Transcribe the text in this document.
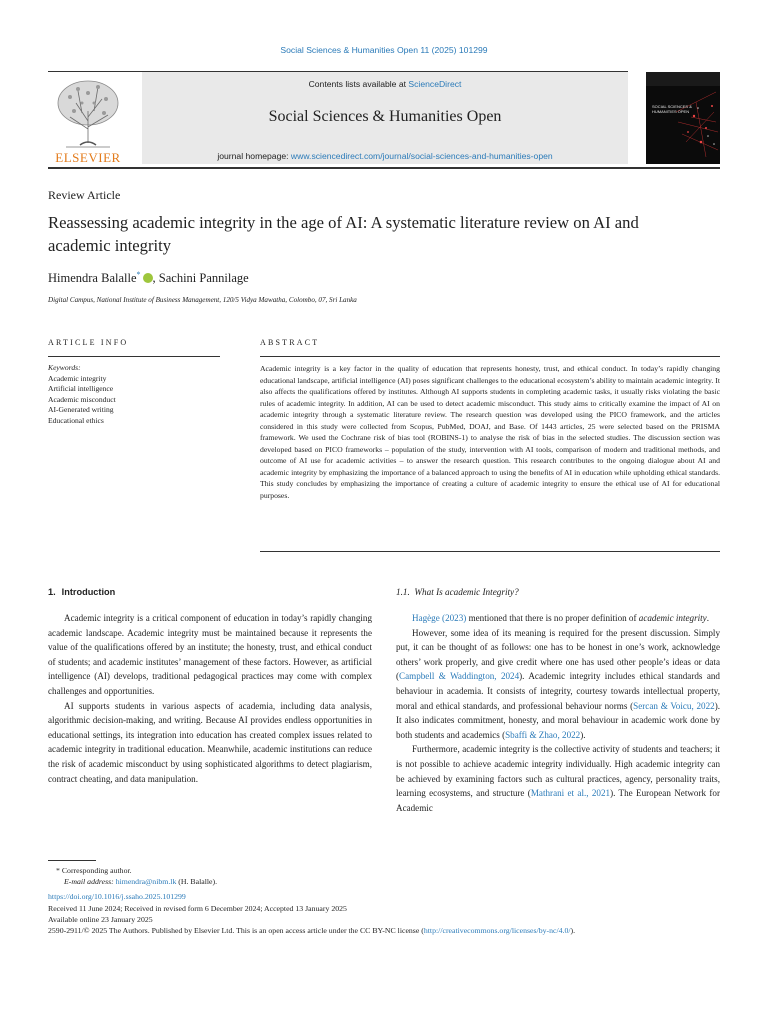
Social Sciences & Humanities Open 11 (2025) 101299
Contents lists available at ScienceDirect
Social Sciences & Humanities Open
journal homepage: www.sciencedirect.com/journal/social-sciences-and-humanities-open
ELSEVIER
SOCIAL SCIENCES & HUMANITIES OPEN
Review Article
Reassessing academic integrity in the age of AI: A systematic literature review on AI and academic integrity
Himendra Balalle* , Sachini Pannilage
Digital Campus, National Institute of Business Management, 120/5 Vidya Mawatha, Colombo, 07, Sri Lanka
ARTICLE INFO	ABSTRACT
Keywords:
Academic integrity
Artificial intelligence
Academic misconduct
AI-Generated writing
Educational ethics
Academic integrity is a key factor in the quality of education that represents honesty, trust, and ethical conduct. In today’s rapidly changing educational landscape, artificial intelligence (AI) poses significant challenges to the educational ecosystem’s ability to maintain academic integrity. It also affects the qualifications offered by institutes. Although AI supports students in completing academic tasks, it usually risks violating the basic rules of academic integrity. In addition, AI can be used to detect academic misconduct. This study aims to critically examine the impact of AI on academic integrity through a systematic literature review. The research question was developed using the PICO framework, and the articles considered in this study were collected from Scopus, PubMed, DOAJ, and Base. Of 1443 articles, 25 were selected based on the PRISMA framework. We used the Cochrane risk of bias tool (ROBINS-1) to analyse the risk of bias in the selected studies. The discussion section was developed based on PICO frameworks – population of the study, intervention with AI tools, comparison of modern and traditional methods, and outcome of AI use for academic activities – to answer the research question. This research contributes to the ongoing dialogue about AI and academic integrity by emphasizing the importance of a balanced approach to using the benefits of AI in education while upholding ethical standards. This study concludes by emphasizing the importance of creating a culture of academic integrity to ensure the ethical use of AI for educational purposes.
1. Introduction

Academic integrity is a critical component of education in today’s rapidly changing academic landscape. Academic integrity must be maintained because it represents the value of the qualifications offered by an institute; the honesty, trust, and ethical conduct of students; and academic institutes’ management of these factors. However, as artificial intelligence (AI) develops, traditional pedagogical practices may come with complex challenges and opportunities.

AI supports students in various aspects of academia, including data analysis, algorithmic decision-making, and writing. Because AI provides endless opportunities in educational settings, its integration into education has created complex issues related to academic integrity in traditional education. Meanwhile, academic institutions can reduce the risk of academic misconduct by using sophisticated algorithms to detect plagiarism, contract cheating, and data manipulation.

1.1. What Is academic Integrity?

Hagège (2023) mentioned that there is no proper definition of academic integrity.

However, some idea of its meaning is required for the present discussion. Simply put, it can be thought of as follows: one has to be honest in one’s work, acknowledge others’ work properly, and give credit where one has used other people’s ideas or data (Campbell & Waddington, 2024). Academic integrity includes ethical standards and behaviour in academia. It consists of integrity, courtesy towards intellectual property, moral and ethical standards, and professional behaviour norms (Sercan & Voicu, 2022). It also indicates commitment, honesty, and moral behaviour in academic work done by both students and academics (Sbaffi & Zhao, 2022).

Furthermore, academic integrity is the collective activity of students and teachers; it is not possible to achieve academic integrity individually. High academic integrity can be achieved by examining factors such as cultural practices, agency, personality traits, learning ecosystems, and structure (Mathrani et al., 2021). The European Network for Academic

* Corresponding author.
E-mail address: himendra@nibm.lk (H. Balalle).
https://doi.org/10.1016/j.ssaho.2025.101299
Received 11 June 2024; Received in revised form 6 December 2024; Accepted 13 January 2025
Available online 23 January 2025
2590-2911/© 2025 The Authors. Published by Elsevier Ltd. This is an open access article under the CC BY-NC license (http://creativecommons.org/licenses/by-nc/4.0/).
